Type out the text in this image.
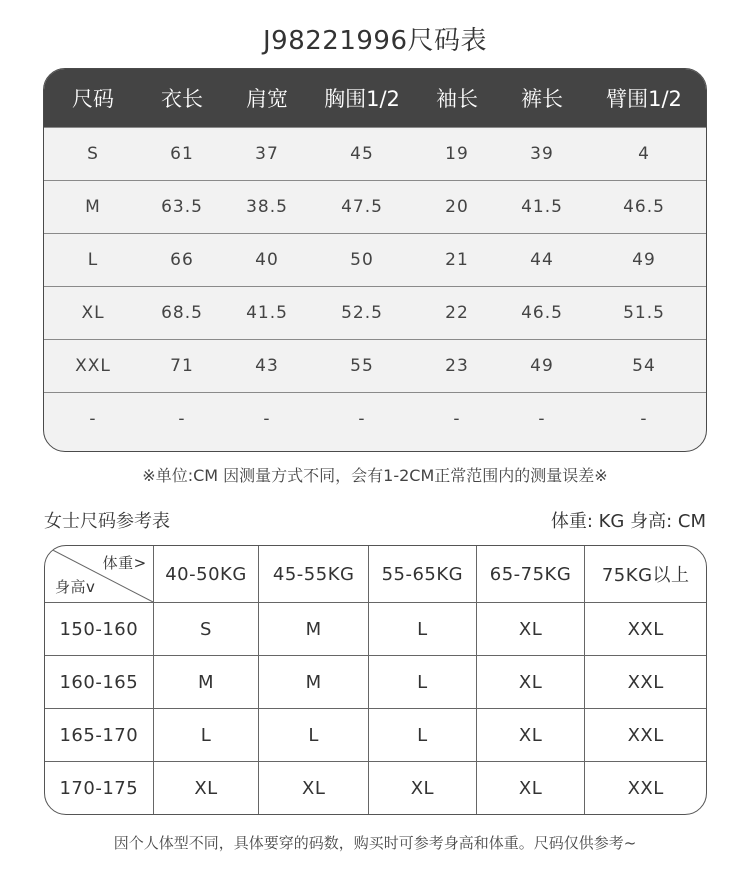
J98221996尺码表
尺码	衣长	肩宽	胸围1/2	袖长	裤长	臂围1/2
S	61	37	45	19	39	4
M	63.5	38.5	47.5	20	41.5	46.5
L	66	40	50	21	44	49
XL	68.5	41.5	52.5	22	46.5	51.5
XXL	71	43	55	23	49	54
-	-	-	-	-	-	-
※单位:CM 因测量方式不同，会有1-2CM正常范围内的测量误差※
女士尺码参考表	体重: KG 身高: CM
体重>
身高v
40-50KG	45-55KG	55-65KG	65-75KG	75KG以上
150-160	S	M	L	XL	XXL
160-165	M	M	L	XL	XXL
165-170	L	L	L	XL	XXL
170-175	XL	XL	XL	XL	XXL
因个人体型不同，具体要穿的码数，购买时可参考身高和体重。尺码仅供参考~
